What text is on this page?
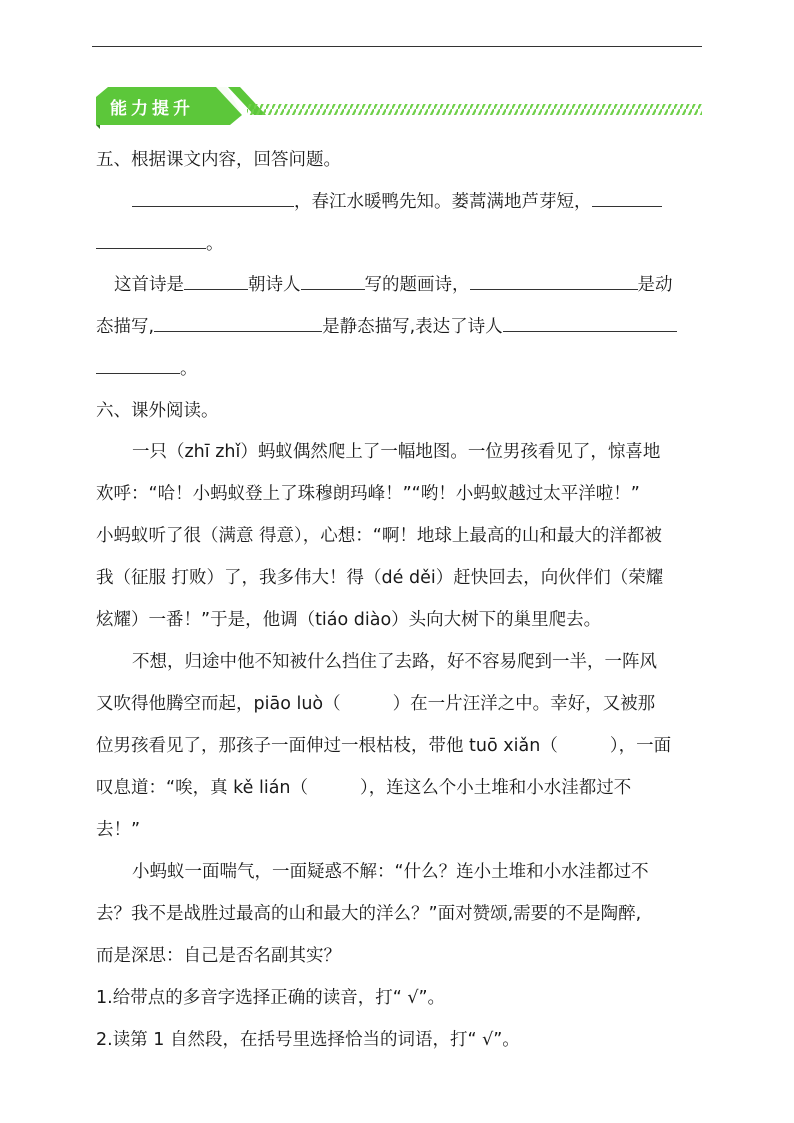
能力提升
五、根据课文内容，回答问题。
，春江水暖鸭先知。蒌蒿满地芦芽短，
。
这首诗是	朝诗人	写的题画诗，	是动
态描写,	是静态描写,表达了诗人
。
六、课外阅读。
一只（zhī zhǐ）蚂蚁偶然爬上了一幅地图。一位男孩看见了，惊喜地
欢呼：“哈！小蚂蚁登上了珠穆朗玛峰！”“哟！小蚂蚁越过太平洋啦！”
小蚂蚁听了很（满意 得意），心想：“啊！地球上最高的山和最大的洋都被
我（征服 打败）了，我多伟大！得（dé děi）赶快回去，向伙伴们（荣耀
炫耀）一番！”于是，他调（tiáo diào）头向大树下的巢里爬去。
不想，归途中他不知被什么挡住了去路，好不容易爬到一半，一阵风
又吹得他腾空而起，piāo luò（	）在一片汪洋之中。幸好，又被那
位男孩看见了，那孩子一面伸过一根枯枝，带他 tuō xiǎn（	），一面
叹息道：“唉，真 kě lián（	），连这么个小土堆和小水洼都过不
去！”
小蚂蚁一面喘气，一面疑惑不解：“什么？连小土堆和小水洼都过不
去？我不是战胜过最高的山和最大的洋么？”面对赞颂,需要的不是陶醉,
而是深思：自己是否名副其实？
1.给带点的多音字选择正确的读音，打“ √”。
2.读第 1 自然段，在括号里选择恰当的词语，打“ √”。
